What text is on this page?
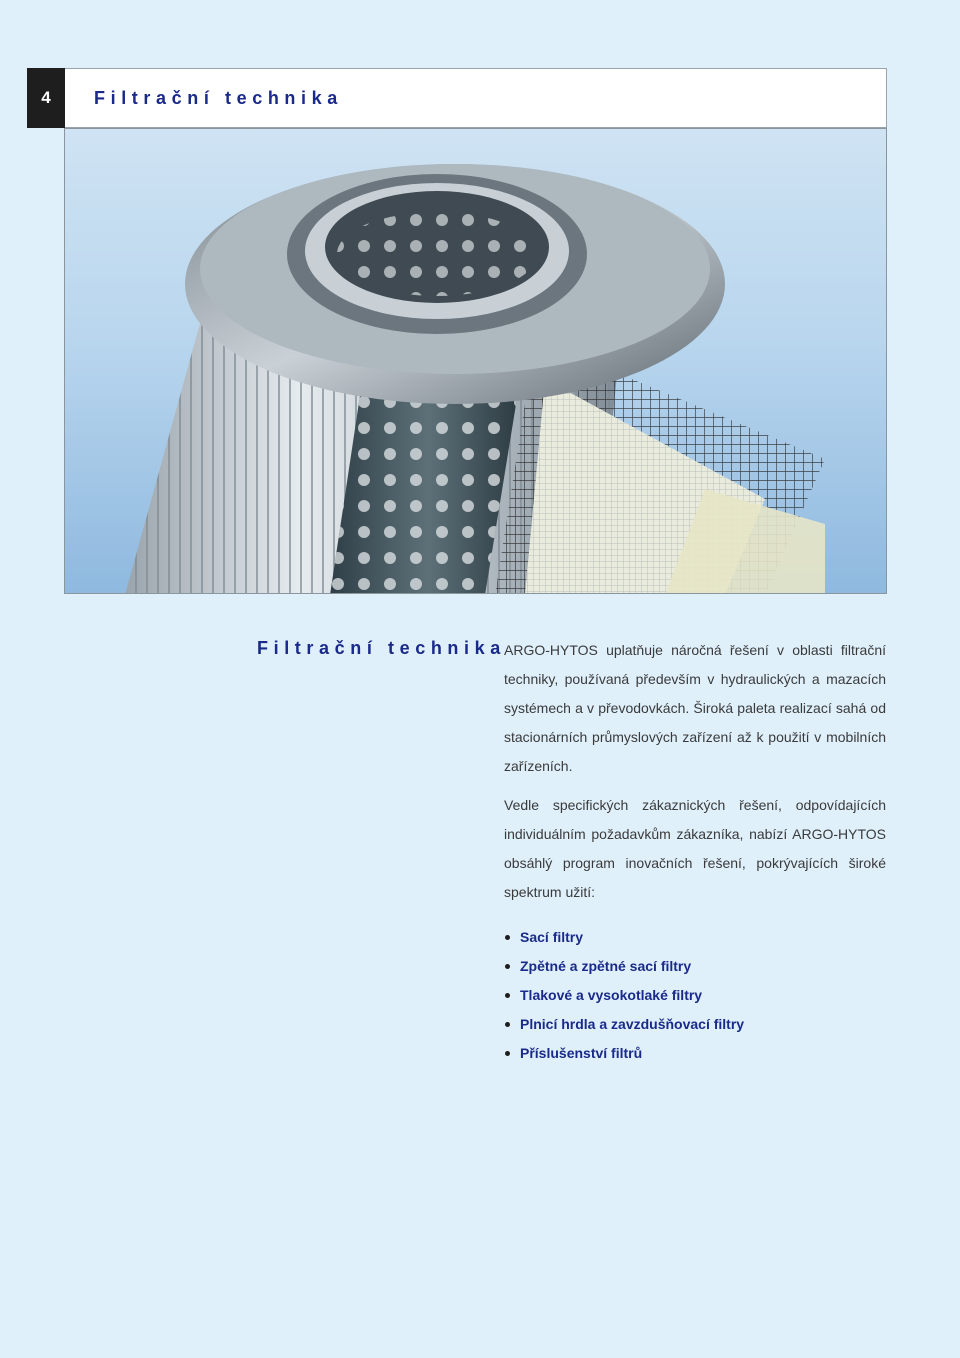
4	Filtrační technika
Filtrační technika

ARGO-HYTOS uplatňuje náročná řešení v oblasti filtrační techniky, používaná především v hydraulických a mazacích systémech a v převodovkách. Široká paleta realizací sahá od stacionárních průmyslových zařízení až k použití v mobilních zařízeních.

Vedle specifických zákaznických řešení, odpovídajících individuálním požadavkům zákazníka, nabízí ARGO-HYTOS obsáhlý program inovačních řešení, pokrývajících široké spektrum užití:

Sací filtry
Zpětné a zpětné sací filtry
Tlakové a vysokotlaké filtry
Plnicí hrdla a zavzdušňovací filtry
Příslušenství filtrů
